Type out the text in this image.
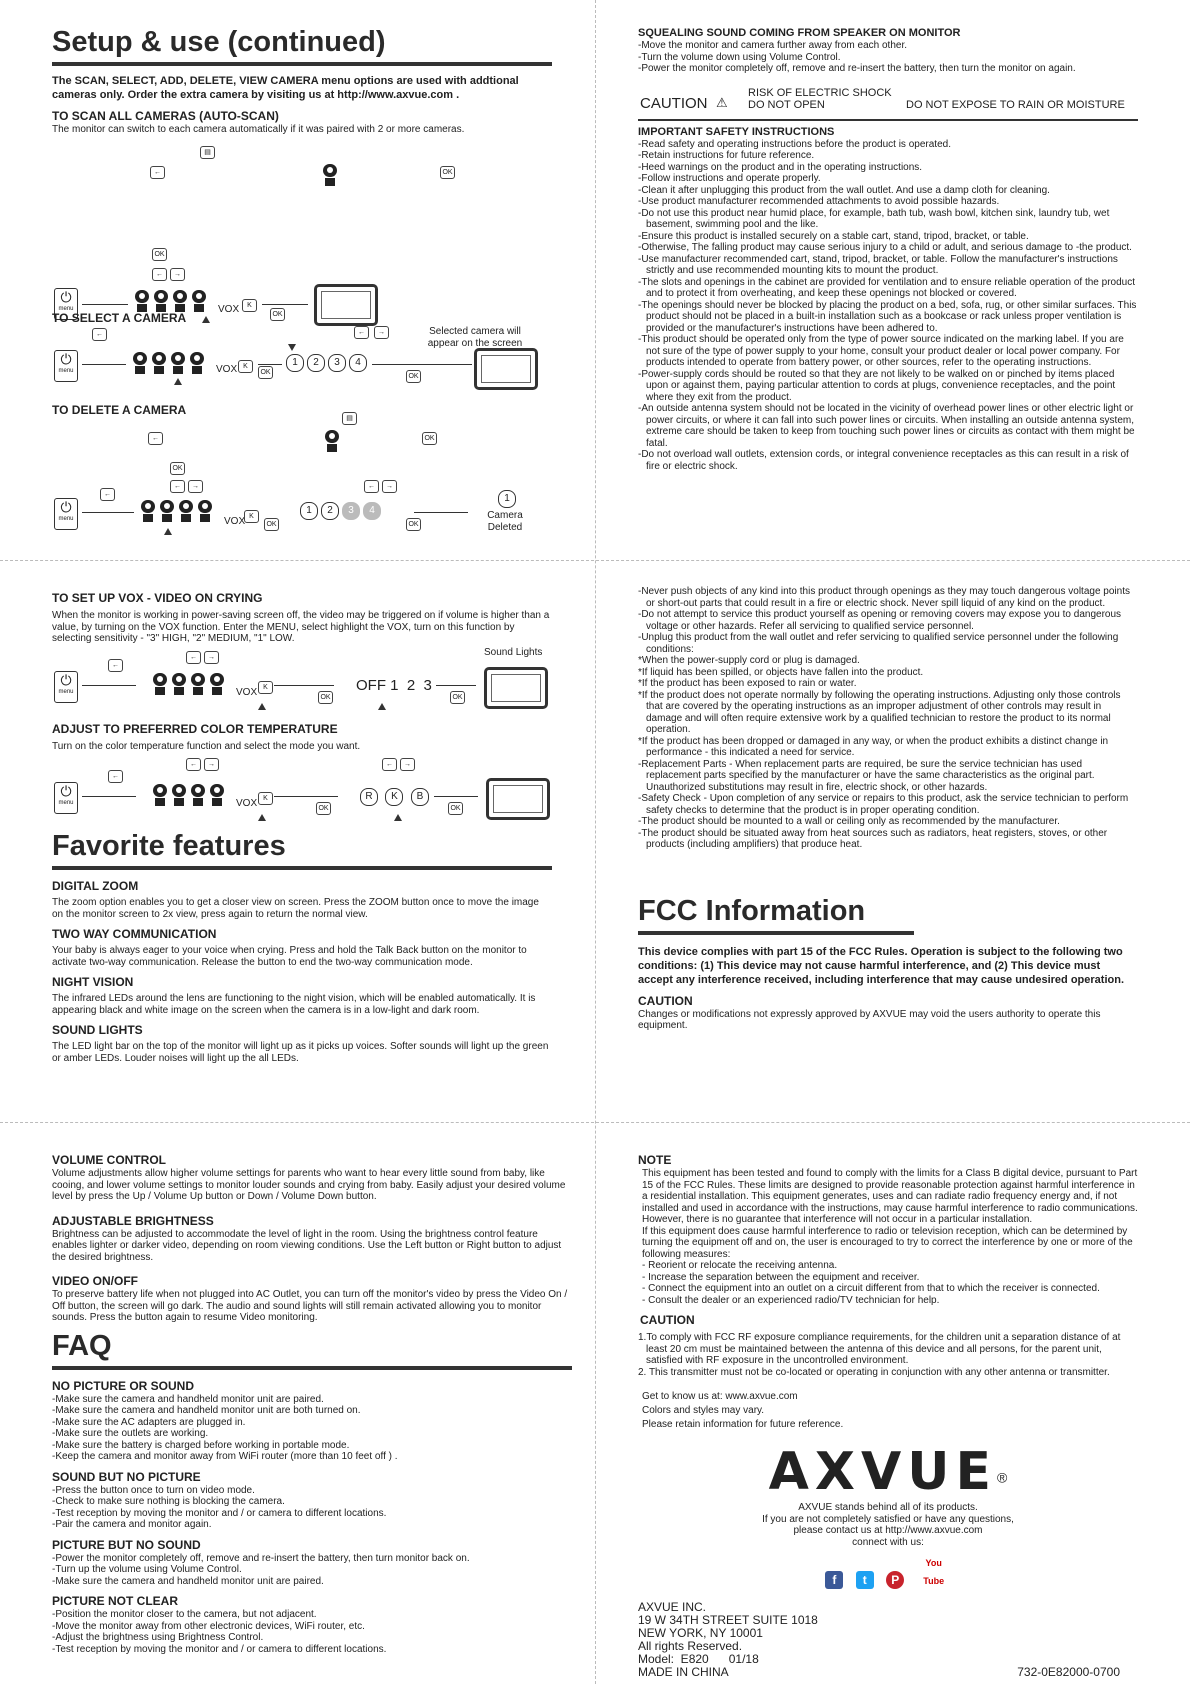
Setup & use (continued)
The SCAN, SELECT, ADD, DELETE, VIEW CAMERA menu options are used with addtional cameras only. Order the extra camera by visiting us at http://www.axvue.com .
TO SCAN ALL CAMERAS (AUTO-SCAN)
The monitor can switch to each camera automatically if it was paired with 2 or more cameras.
▤
←	OK
OK
←	→
⏻
menu	VOX	K
OK
TO SELECT A CAMERA
←	←	→	Selected camera will appear on the screen
⏻
menu	VOX K
OK
1 2 3 4
OK
TO DELETE A CAMERA
▤
←	OK
OK
←	→
←
←	→
⏻
menu	VOX K
OK
1 2 3 4
OK
1
Camera Deleted
SQUEALING SOUND COMING FROM SPEAKER ON MONITOR
-Move the monitor and camera further away from each other.
-Turn the volume down using Volume Control.
-Power the monitor completely off, remove and re-insert the battery, then turn the monitor on again.
CAUTION ⚠
RISK OF ELECTRIC SHOCK
DO NOT OPEN	DO NOT EXPOSE TO RAIN OR MOISTURE
IMPORTANT SAFETY INSTRUCTIONS
-Read safety and operating instructions before the product is operated.
-Retain instructions for future reference.
-Heed warnings on the product and in the operating instructions.
-Follow instructions and operate properly.
-Clean it after unplugging this product from the wall outlet. And use a damp cloth for cleaning.
-Use product manufacturer recommended attachments to avoid possible hazards.
-Do not use this product near humid place, for example, bath tub, wash bowl, kitchen sink, laundry tub, wet basement, swimming pool and the like.
-Ensure this product is installed securely on a stable cart, stand, tripod, bracket, or table.
-Otherwise, The falling product may cause serious injury to a child or adult, and serious damage to -the product.
-Use manufacturer recommended cart, stand, tripod, bracket, or table. Follow the manufacturer's instructions strictly and use recommended mounting kits to mount the product.
-The slots and openings in the cabinet are provided for ventilation and to ensure reliable operation of the product and to protect it from overheating, and keep these openings not blocked or covered.
-The openings should never be blocked by placing the product on a bed, sofa, rug, or other similar surfaces. This product should not be placed in a built-in installation such as a bookcase or rack unless proper ventilation is provided or the manufacturer's instructions have been adhered to.
-This product should be operated only from the type of power source indicated on the marking label. If you are not sure of the type of power supply to your home, consult your product dealer or local power company. For products intended to operate from battery power, or other sources, refer to the operating instructions.
-Power-supply cords should be routed so that they are not likely to be walked on or pinched by items placed upon or against them, paying particular attention to cords at plugs, convenience receptacles, and the point where they exit from the product.
-An outside antenna system should not be located in the vicinity of overhead power lines or other electric light or power circuits, or where it can fall into such power lines or circuits. When installing an outside antenna system, extreme care should be taken to keep from touching such power lines or circuits as contact with them might be fatal.
-Do not overload wall outlets, extension cords, or integral convenience receptacles as this can result in a risk of fire or electric shock.
TO SET UP VOX - VIDEO ON CRYING
When the monitor is working in power-saving screen off, the video may be triggered on if volume is higher than a value, by turning on the VOX function. Enter the MENU, select highlight the VOX, turn on this function by selecting sensitivity - "3" HIGH, "2" MEDIUM, "1" LOW.
←	→	Sound Lights
←
⏻
menu	VOX K
OK
OFF 1  2  3
OK
ADJUST TO PREFERRED COLOR TEMPERATURE
Turn on the color temperature function and select the mode you want.
←	→	←	→
←
⏻
menu	VOX K
OK
R K B
OK
Favorite features
DIGITAL ZOOM
The zoom option enables you to get a closer view on screen. Press the ZOOM button once to move the image on the monitor screen to 2x view, press again to return the normal view.
TWO WAY COMMUNICATION
Your baby is always eager to your voice when crying. Press and hold the Talk Back button on the monitor to activate two-way communication. Release the button to end the two-way communication mode.
NIGHT VISION
The infrared LEDs around the lens are functioning to the night vision, which will be enabled automatically. It is appearing black and white image on the screen when the camera is in a low-light and dark room.
SOUND LIGHTS
The LED light bar on the top of the monitor will light up as it picks up voices. Softer sounds will light up the green or amber LEDs. Louder noises will light up the all LEDs.
-Never push objects of any kind into this product through openings as they may touch dangerous voltage points or short-out parts that could result in a fire or electric shock. Never spill liquid of any kind on the product.
-Do not attempt to service this product yourself as opening or removing covers may expose you to dangerous voltage or other hazards. Refer all servicing to qualified service personnel.
-Unplug this product from the wall outlet and refer servicing to qualified service personnel under the following conditions:
*When the power-supply cord or plug is damaged.
*If liquid has been spilled, or objects have fallen into the product.
*If the product has been exposed to rain or water.
*If the product does not operate normally by following the operating instructions. Adjusting only those controls that are covered by the operating instructions as an improper adjustment of other controls may result in damage and will often require extensive work by a qualified technician to restore the product to its normal operation.
*If the product has been dropped or damaged in any way, or when the product exhibits a distinct change in performance - this indicated a need for service.
-Replacement Parts - When replacement parts are required, be sure the service technician has used replacement parts specified by the manufacturer or have the same characteristics as the original part. Unauthorized substitutions may result in fire, electric shock, or other hazards.
-Safety Check - Upon completion of any service or repairs to this product, ask the service technician to perform safety checks to determine that the product is in proper operating condition.
-The product should be mounted to a wall or ceiling only as recommended by the manufacturer.
-The product should be situated away from heat sources such as radiators, heat registers, stoves, or other products (including amplifiers) that produce heat.
FCC Information
This device complies with part 15 of the FCC Rules. Operation is subject to the following two conditions: (1) This device may not cause harmful interference, and (2) This device must accept any interference received, including interference that may cause undesired operation.
CAUTION
Changes or modifications not expressly approved by AXVUE may void the users authority to operate this equipment.
VOLUME CONTROL
Volume adjustments allow higher volume settings for parents who want to hear every little sound from baby, like cooing, and lower volume settings to monitor louder sounds and crying from baby. Easily adjust your desired volume level by press the Up / Volume Up button or Down / Volume Down button.
ADJUSTABLE BRIGHTNESS
Brightness can be adjusted to accommodate the level of light in the room. Using the brightness control feature enables lighter or darker video, depending on room viewing conditions. Use the Left button or Right button to adjust the desired brightness.
VIDEO ON/OFF
To preserve battery life when not plugged into AC Outlet, you can turn off the monitor's video by press the Video On / Off button, the screen will go dark. The audio and sound lights will still remain activated allowing you to monitor sounds. Press the button again to resume Video monitoring.
FAQ
NO PICTURE OR SOUND
-Make sure the camera and handheld monitor unit are paired.
-Make sure the camera and handheld monitor unit are both turned on.
-Make sure the AC adapters are plugged in.
-Make sure the outlets are working.
-Make sure the battery is charged before working in portable mode.
-Keep the camera and monitor away from WiFi router (more than 10 feet off ) .
SOUND BUT NO PICTURE
-Press the button once to turn on video mode.
-Check to make sure nothing is blocking the camera.
-Test reception by moving the monitor and / or camera to different locations.
-Pair the camera and monitor again.
PICTURE BUT NO SOUND
-Power the monitor completely off, remove and re-insert the battery, then turn monitor back on.
-Turn up the volume using Volume Control.
-Make sure the camera and handheld monitor unit are paired.
PICTURE NOT CLEAR
-Position the monitor closer to the camera, but not adjacent.
-Move the monitor away from other electronic devices, WiFi router, etc.
-Adjust the brightness using Brightness Control.
-Test reception by moving the monitor and / or camera to different locations.
NOTE
This equipment has been tested and found to comply with the limits for a Class B digital device, pursuant to Part 15 of the FCC Rules. These limits are designed to provide reasonable protection against harmful interference in a residential installation. This equipment generates, uses and can radiate radio frequency energy and, if not installed and used in accordance with the instructions, may cause harmful interference to radio communications. However, there is no guarantee that interference will not occur in a particular installation.
If this equipment does cause harmful interference to radio or television reception, which can be determined by turning the equipment off and on, the user is encouraged to try to correct the interference by one or more of the following measures:
- Reorient or relocate the receiving antenna.
- Increase the separation between the equipment and receiver.
- Connect the equipment into an outlet on a circuit different from that to which the receiver is connected.
- Consult the dealer or an experienced radio/TV technician for help.
CAUTION
1.To comply with FCC RF exposure compliance requirements, for the children unit a separation distance of at least 20 cm must be maintained between the antenna of this device and all persons, for the parent unit, satisfied with RF exposure in the uncontrolled environment.
2. This transmitter must not be co-located or operating in conjunction with any other antenna or transmitter.
Get to know us at: www.axvue.com
Colors and styles may vary.
Please retain information for future reference.
AXVUE®
AXVUE stands behind all of its products.
If you are not completely satisfied or have any questions,
please contact us at http://www.axvue.com
connect with us:
f t P You Tube
AXVUE INC.
19 W 34TH STREET SUITE 1018
NEW YORK, NY 10001
All rights Reserved.
Model:  E820      01/18
MADE IN CHINA	732-0E82000-0700
